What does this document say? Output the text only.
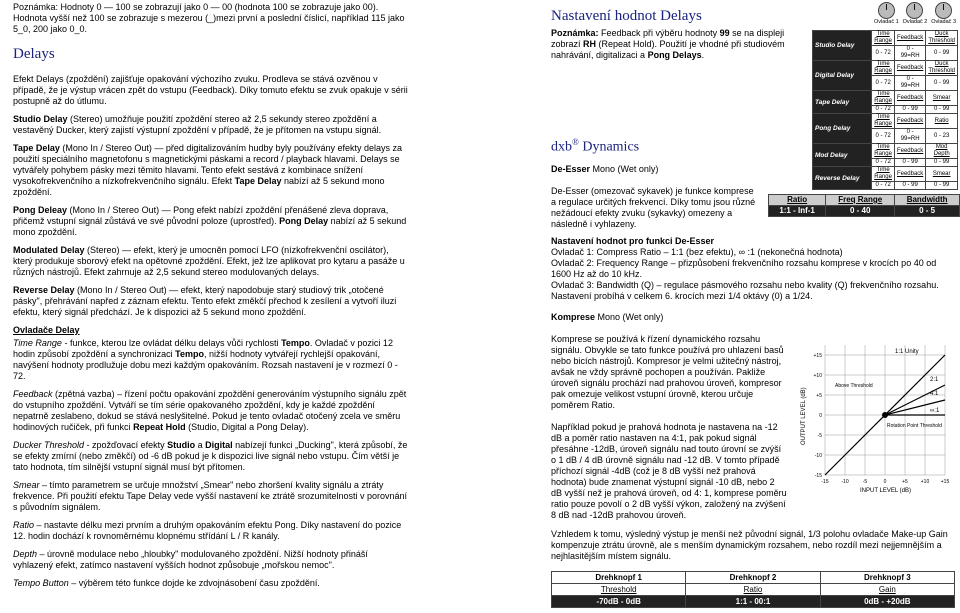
Poznámka: Hodnoty 0 — 100 se zobrazují jako 0 — 00 (hodnota 100 se zobrazuje jako 00). Hodnota vyšší než 100 se zobrazuje s mezerou (_)mezi první a poslední číslicí, například 115 jako 5_0, 200 jako 0_0.

Delays

Efekt Delays (zpoždění) zajišťuje opakování výchozího zvuku. Prodleva se stává ozvěnou v případě, že je výstup vrácen zpět do vstupu (Feedback). Díky tomuto efektu se zvuk opakuje v sérii postupně až do útlumu.

Studio Delay (Stereo) umožňuje použití zpoždění stereo až 2,5 sekundy stereo zpoždění a vestavěný Ducker, který zajistí výstupní zpoždění v případě, že je přítomen na vstupu signál.

Tape Delay (Mono In / Stereo Out) — před digitalizováním hudby byly používány efekty delays za použití speciálního magnetofonu s magnetickými páskami a record / playback hlavami. Delays se vytvářely pohybem pásky mezi těmito hlavami. Tento efekt sestává z kombinace snížení vysokofrekvenčního a nízkofrekvenčního signálu. Efekt Tape Delay nabízí až 5 sekund mono zpoždění.

Pong Deleay (Mono In / Stereo Out) — Pong efekt nabízí zpoždění přenášené zleva doprava, přičemž vstupní signál zůstává ve své původní poloze (uprostřed). Pong Delay nabízí až 5 sekund mono zpoždění.

Modulated Delay (Stereo) — efekt, který je umocněn pomocí LFO (nízkofrekvenční oscilátor), který produkuje sborový efekt na opětovné zpoždění. Efekt, jež lze aplikovat pro kytaru a pasáže u různých nástrojů. Efekt zahrnuje až 2,5 sekund stereo modulovaných delays.

Reverse Delay (Mono In / Stereo Out) — efekt, který napodobuje starý studiový trik „otočené pásky", přehrávání napřed z záznam efektu. Tento efekt změkčí přechod k zesílení a vytvoří iluzi efektu, který signál předchází. Je k dispozici až 5 sekund mono zpoždění.

Ovladače Delay

Time Range - funkce, kterou lze ovládat délku delays vůči rychlosti Tempo. Ovladač v pozici 12 hodin způsobí zpoždění a synchronizaci Tempo, nižší hodnoty vytvářejí rychlejší opakování, navýšení hodnoty prodlužuje dobu mezi každým opakováním. Rozsah nastavení je v rozmezí 0 - 72.

Feedback (zpětná vazba) – řízení počtu opakování zpoždění generováním výstupního signálu zpět do vstupního zpoždění. Vytváří se tím série opakovaného zpoždění, kdy je každé zpoždění nepatrně zeslabeno, dokud se stává neslyšitelné. Pokud je tento ovladač otočený zcela ve směru hodinových ručiček, při funkci Repeat Hold (Studio, Digital a Pong Delay).

Ducker Threshold - zpožďovací efekty Studio a Digital nabízejí funkci „Ducking", která způsobí, že se efekty zmírní (nebo změkčí) od -6 dB pokud je k dispozici live signál nebo vstupu. Čím větší je tato hodnota, tím silnější vstupní signál musí být přítomen.

Smear – tímto parametrem se určuje množství „Smear" nebo zhoršení kvality signálu a ztráty frekvence. Při použití efektu Tape Delay vede vyšší nastavení ke ztrátě srozumitelnosti v porovnání s původním signálem.

Ratio – nastavte délku mezi prvním a druhým opakováním efektu Pong. Díky nastavení do pozice 12. hodin dochází k rovnoměrnému klopnému střídání L / R kanály.

Depth – úrovně modulace nebo „hloubky" modulovaného zpoždění. Nižší hodnoty přináší vyhlazený efekt, zatímco nastavení vyšších hodnot způsobuje „mořskou nemoc".

Tempo Button – výběrem této funkce dojde ke zdvojnásobení času zpoždění.

Nastavení hodnot Delays

Poznámka: Feedback při výběru hodnoty 99 se na displeji zobrazí RH (Repeat Hold). Použití je vhodné při studiovém nahrávání, digitalizaci a Pong Delays.

Ovladač 1 Ovladač 2 Ovladač 3
Studio Delay	Time Range	Feedback	Duck Threshold
	0 - 72	0 - 99=RH	0 - 99
Digital Delay	Time Range	Feedback	Duck Threshold
	0 - 72	0 - 99=RH	0 - 99
Tape Delay	Time Range	Feedback	Smear
	0 - 72	0 - 99	0 - 99
Pong Delay	Time Range	Feedback	Ratio
	0 - 72	0 - 99=RH	0 - 23
Mod Delay	Time Range	Feedback	Mod Depth
	0 - 72	0 - 99	0 - 99
Reverse Delay	Time Range	Feedback	Smear
	0 - 72	0 - 99	0 - 99
dxb® Dynamics

De-Esser Mono (Wet only)

De-Esser (omezovač sykavek) je funkce komprese a regulace určitých frekvencí. Díky tomu jsou různé nežádoucí efekty zvuku (sykavky) omezeny a následně i vyhlazeny.

Ratio	Freq Range	Bandwidth
1:1 - Inf-1	0 - 40	0 - 5

Nastavení hodnot pro funkci De-Esser

Ovladač 1: Compress Ratio – 1:1 (bez efektu), ∞ :1 (nekonečná hodnota)

Ovladač 2: Frequency Range – přizpůsobení frekvenčního rozsahu komprese v krocích po 40 od 1600 Hz až do 10 kHz.

Ovladač 3: Bandwidth (Q) – regulace pásmového rozsahu nebo kvality (Q) frekvenčního rozsahu. Nastavení probíhá v celkem 6. krocích mezi 1/4 oktávy (0) a 1/24.

Komprese Mono (Wet only)

Komprese se používá k řízení dynamického rozsahu signálu. Obvykle se tato funkce používá pro uhlazení basů nebo bicích nástrojů. Kompresor je velmi užitečný nástroj, avšak ne vždy správně pochopen a používán. Pakliže úroveň signálu prochází nad prahovou úroveň, kompresor pak omezuje velikost vstupní úrovně, kterou určuje poměrem Ratio.

Například pokud je prahová hodnota je nastavena na -12 dB a poměr ratio nastaven na 4:1, pak pokud signál přesáhne -12dB, úroveň signálu nad touto úrovní se zvýší o 1 dB / 4 dB úrovně signálu nad -12 dB. V tomto případě příchozí signál -4dB (což je 8 dB vyšší než prahová hodnota) bude znamenat výstupní signál -10 dB, nebo 2 dB vyšší než je prahová úroveň, od 4: 1, komprese poměru ratio pouze povolí o 2 dB vyšší výkon, založený na zvýšení 8 dB nad -12dB prahovou úroveň.

1:1 Unity
2:1
4:1
∞:1
Above Threshold
Rotation Point Threshold
OUTPUT LEVEL (dB)
INPUT LEVEL (dB)
-15	-10	-5	0	+5	+10 +15
+15
+10
+5
0
-5
-10
-15

Vzhledem k tomu, výsledný výstup je menší než původní signál, 1/3 polohu ovladače Make-up Gain kompenzuje ztrátu úrovně, ale s menším dynamickým rozsahem, nebo rozdíl mezi nejjemnějším a nejhlasitějším místem signálu.

Drehknopf 1	Drehknopf 2	Drehknopf 3
Threshold	Ratio	Gain
-70dB - 0dB	1:1 - 00:1	0dB - +20dB
